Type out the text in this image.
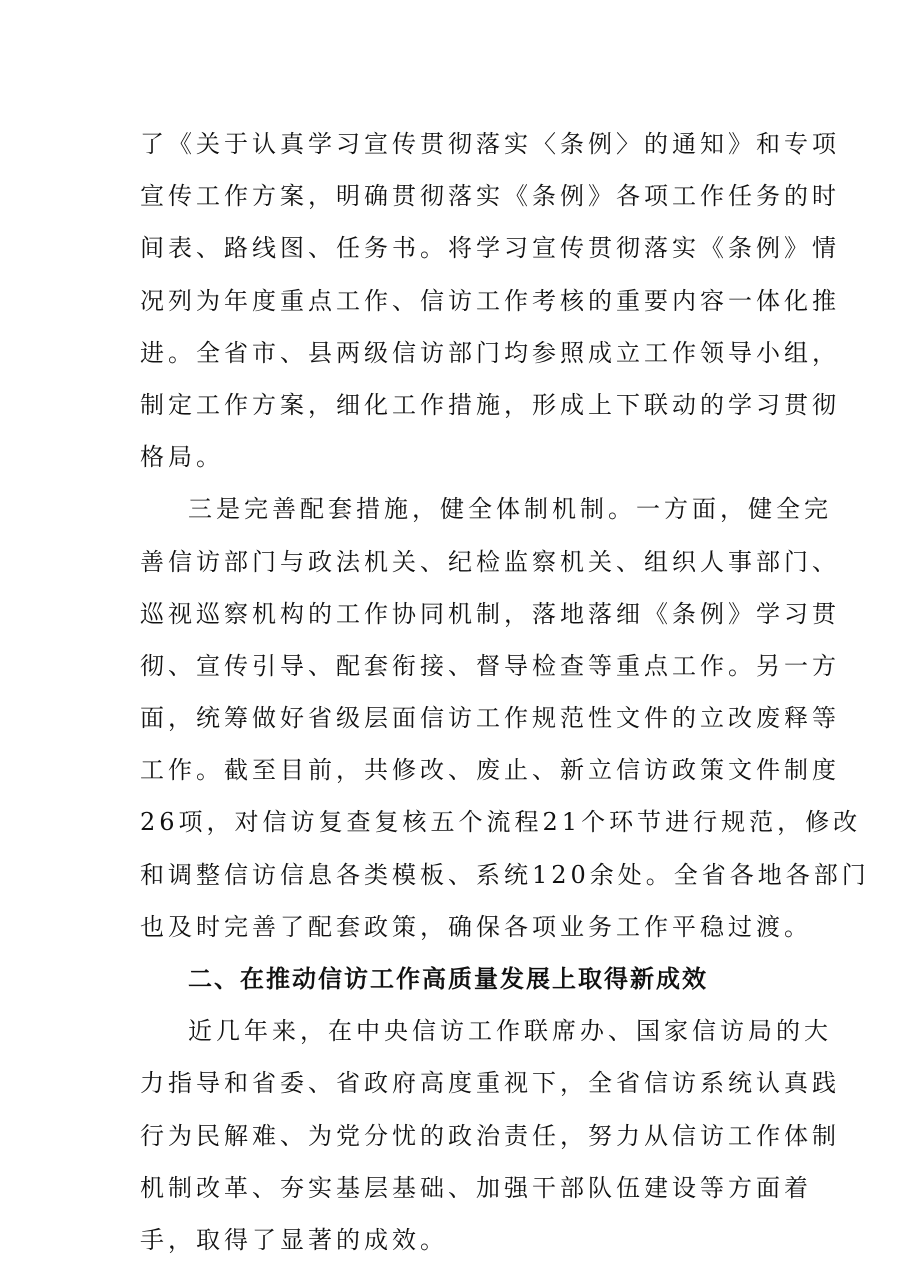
了《关于认真学习宣传贯彻落实〈条例〉的通知》和专项
宣传工作方案，明确贯彻落实《条例》各项工作任务的时
间表、路线图、任务书。将学习宣传贯彻落实《条例》情
况列为年度重点工作、信访工作考核的重要内容一体化推
进。全省市、县两级信访部门均参照成立工作领导小组，
制定工作方案，细化工作措施，形成上下联动的学习贯彻
格局。
三是完善配套措施，健全体制机制。一方面，健全完
善信访部门与政法机关、纪检监察机关、组织人事部门、
巡视巡察机构的工作协同机制，落地落细《条例》学习贯
彻、宣传引导、配套衔接、督导检查等重点工作。另一方
面，统筹做好省级层面信访工作规范性文件的立改废释等
工作。截至目前，共修改、废止、新立信访政策文件制度
26项，对信访复查复核五个流程21个环节进行规范，修改
和调整信访信息各类模板、系统120余处。全省各地各部门
也及时完善了配套政策，确保各项业务工作平稳过渡。
二、在推动信访工作高质量发展上取得新成效
近几年来，在中央信访工作联席办、国家信访局的大
力指导和省委、省政府高度重视下，全省信访系统认真践
行为民解难、为党分忧的政治责任，努力从信访工作体制
机制改革、夯实基层基础、加强干部队伍建设等方面着
手，取得了显著的成效。
